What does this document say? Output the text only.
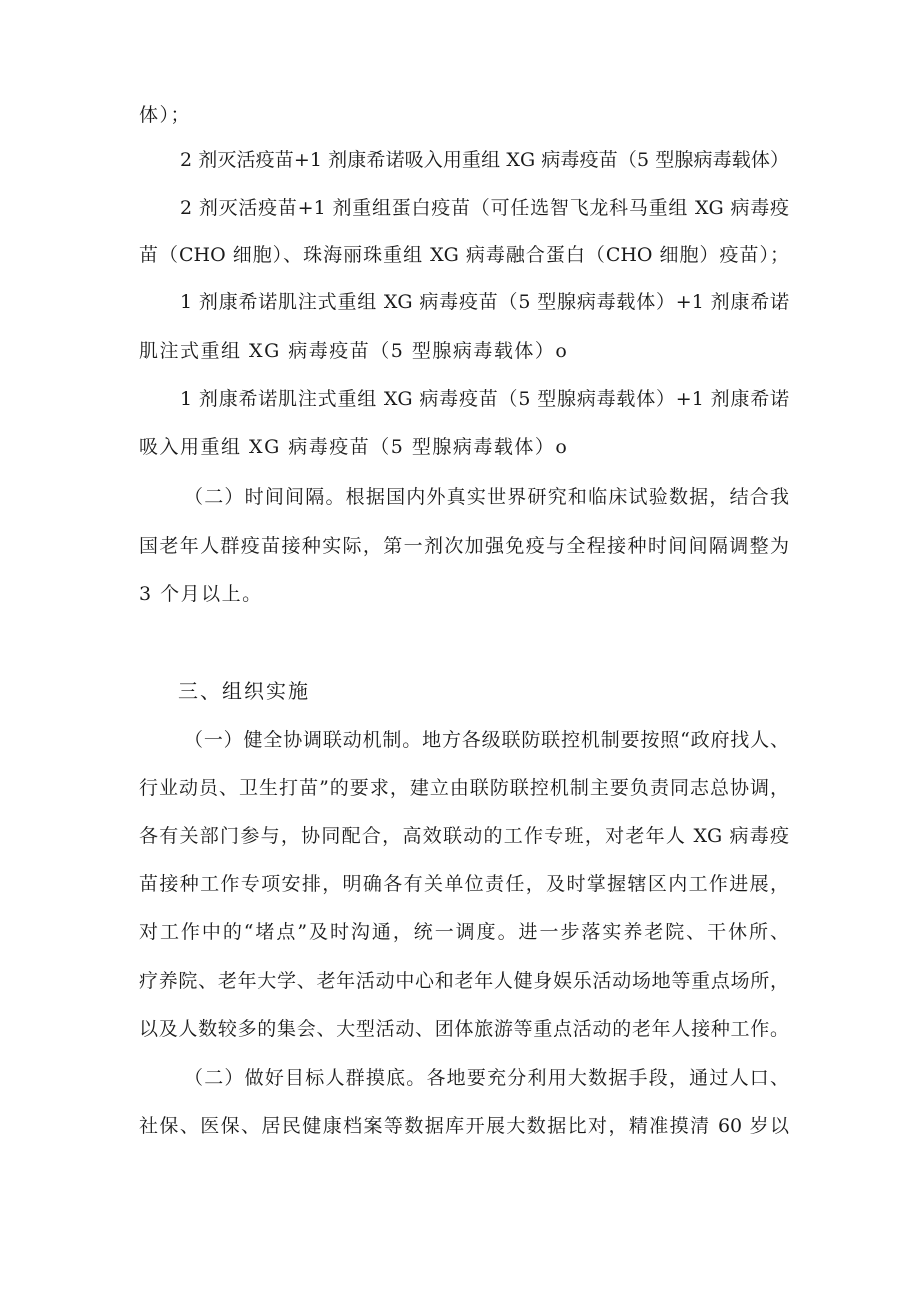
体）；
2 剂灭活疫苗+1 剂康希诺吸入用重组 XG 病毒疫苗（5 型腺病毒载体）
2 剂灭活疫苗+1 剂重组蛋白疫苗（可任选智飞龙科马重组 XG 病毒疫
苗（CHO 细胞）、珠海丽珠重组 XG 病毒融合蛋白（CHO 细胞）疫苗）；
1 剂康希诺肌注式重组 XG 病毒疫苗（5 型腺病毒载体）+1 剂康希诺
肌注式重组 XG 病毒疫苗（5 型腺病毒载体）o
1 剂康希诺肌注式重组 XG 病毒疫苗（5 型腺病毒载体）+1 剂康希诺
吸入用重组 XG 病毒疫苗（5 型腺病毒载体）o
（二）时间间隔。根据国内外真实世界研究和临床试验数据，结合我
国老年人群疫苗接种实际，第一剂次加强免疫与全程接种时间间隔调整为
3 个月以上。
三、组织实施
（一）健全协调联动机制。地方各级联防联控机制要按照“政府找人、
行业动员、卫生打苗”的要求，建立由联防联控机制主要负责同志总协调，
各有关部门参与，协同配合，高效联动的工作专班，对老年人 XG 病毒疫
苗接种工作专项安排，明确各有关单位责任，及时掌握辖区内工作进展，
对工作中的“堵点”及时沟通，统一调度。进一步落实养老院、干休所、
疗养院、老年大学、老年活动中心和老年人健身娱乐活动场地等重点场所，
以及人数较多的集会、大型活动、团体旅游等重点活动的老年人接种工作。
（二）做好目标人群摸底。各地要充分利用大数据手段，通过人口、
社保、医保、居民健康档案等数据库开展大数据比对，精准摸清 60 岁以
